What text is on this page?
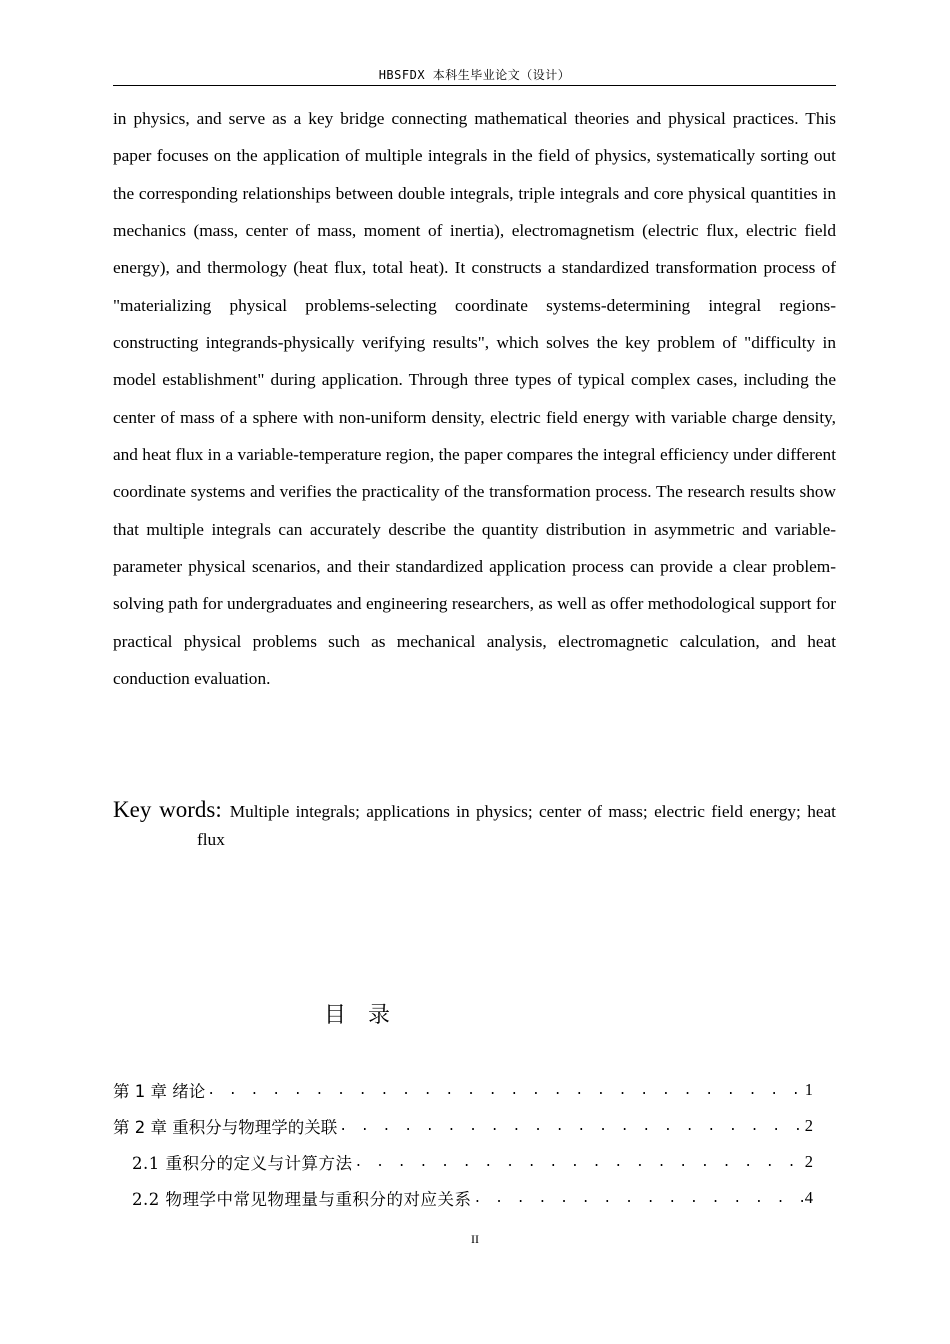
HBSFDX 本科生毕业论文（设计）

in physics, and serve as a key bridge connecting mathematical theories and physical practices. This paper focuses on the application of multiple integrals in the field of physics, systematically sorting out the corresponding relationships between double integrals, triple integrals and core physical quantities in mechanics (mass, center of mass, moment of inertia), electromagnetism (electric flux, electric field energy), and thermology (heat flux, total heat). It constructs a standardized transformation process of "materializing physical problems-selecting coordinate systems-determining integral regions-constructing integrands-physically verifying results", which solves the key problem of "difficulty in model establishment" during application. Through three types of typical complex cases, including the center of mass of a sphere with non-uniform density, electric field energy with variable charge density, and heat flux in a variable-temperature region, the paper compares the integral efficiency under different coordinate systems and verifies the practicality of the transformation process. The research results show that multiple integrals can accurately describe the quantity distribution in asymmetric and variable-parameter physical scenarios, and their standardized application process can provide a clear problem-solving path for undergraduates and engineering researchers, as well as offer methodological support for practical physical problems such as mechanical analysis, electromagnetic calculation, and heat conduction evaluation.

Key words: Multiple integrals; applications in physics; center of mass; electric field energy; heat flux

目录
第 1 章 绪论 . . .	1
第 2 章 重积分与物理学的关联 . . .	2
2.1 重积分的定义与计算方法 . . .	2
2.2 物理学中常见物理量与重积分的对应关系 . . .	4
II
